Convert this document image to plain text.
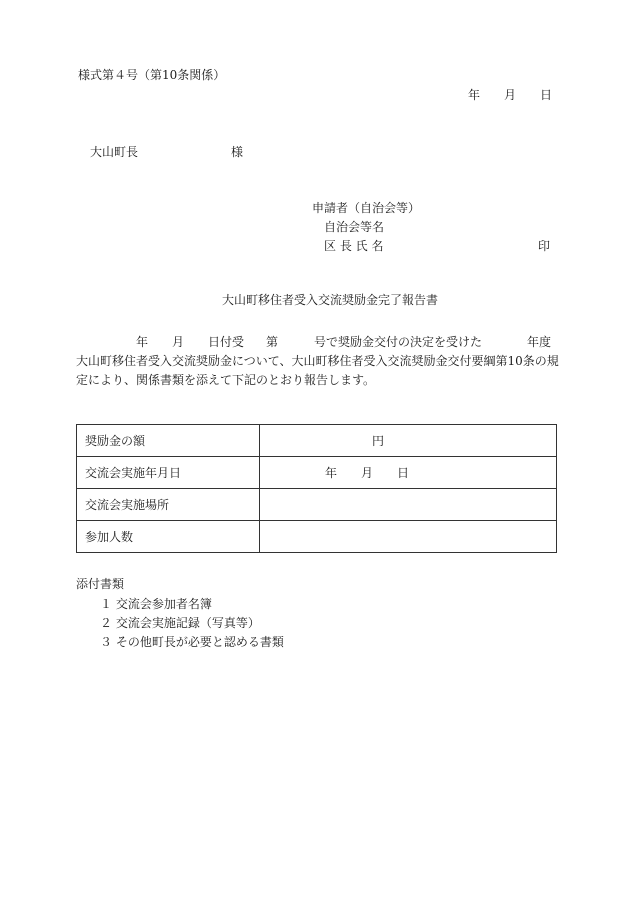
様式第４号（第10条関係）
年　　月　　日
大山町長	様
申請者（自治会等）
自治会等名
区 長 氏 名	印
大山町移住者受入交流奨励金完了報告書
年 月 日付受 第	号で奨励金交付の決定を受けた	年度
大山町移住者受入交流奨励金について、大山町移住者受入交流奨励金交付要綱第10条の規
定により、関係書類を添えて下記のとおり報告します。
奨励金の額	円
交流会実施年月日	年　　月　　日
交流会実施場所	
参加人数	
添付書類
１ 交流会参加者名簿
２ 交流会実施記録（写真等）
３ その他町長が必要と認める書類
